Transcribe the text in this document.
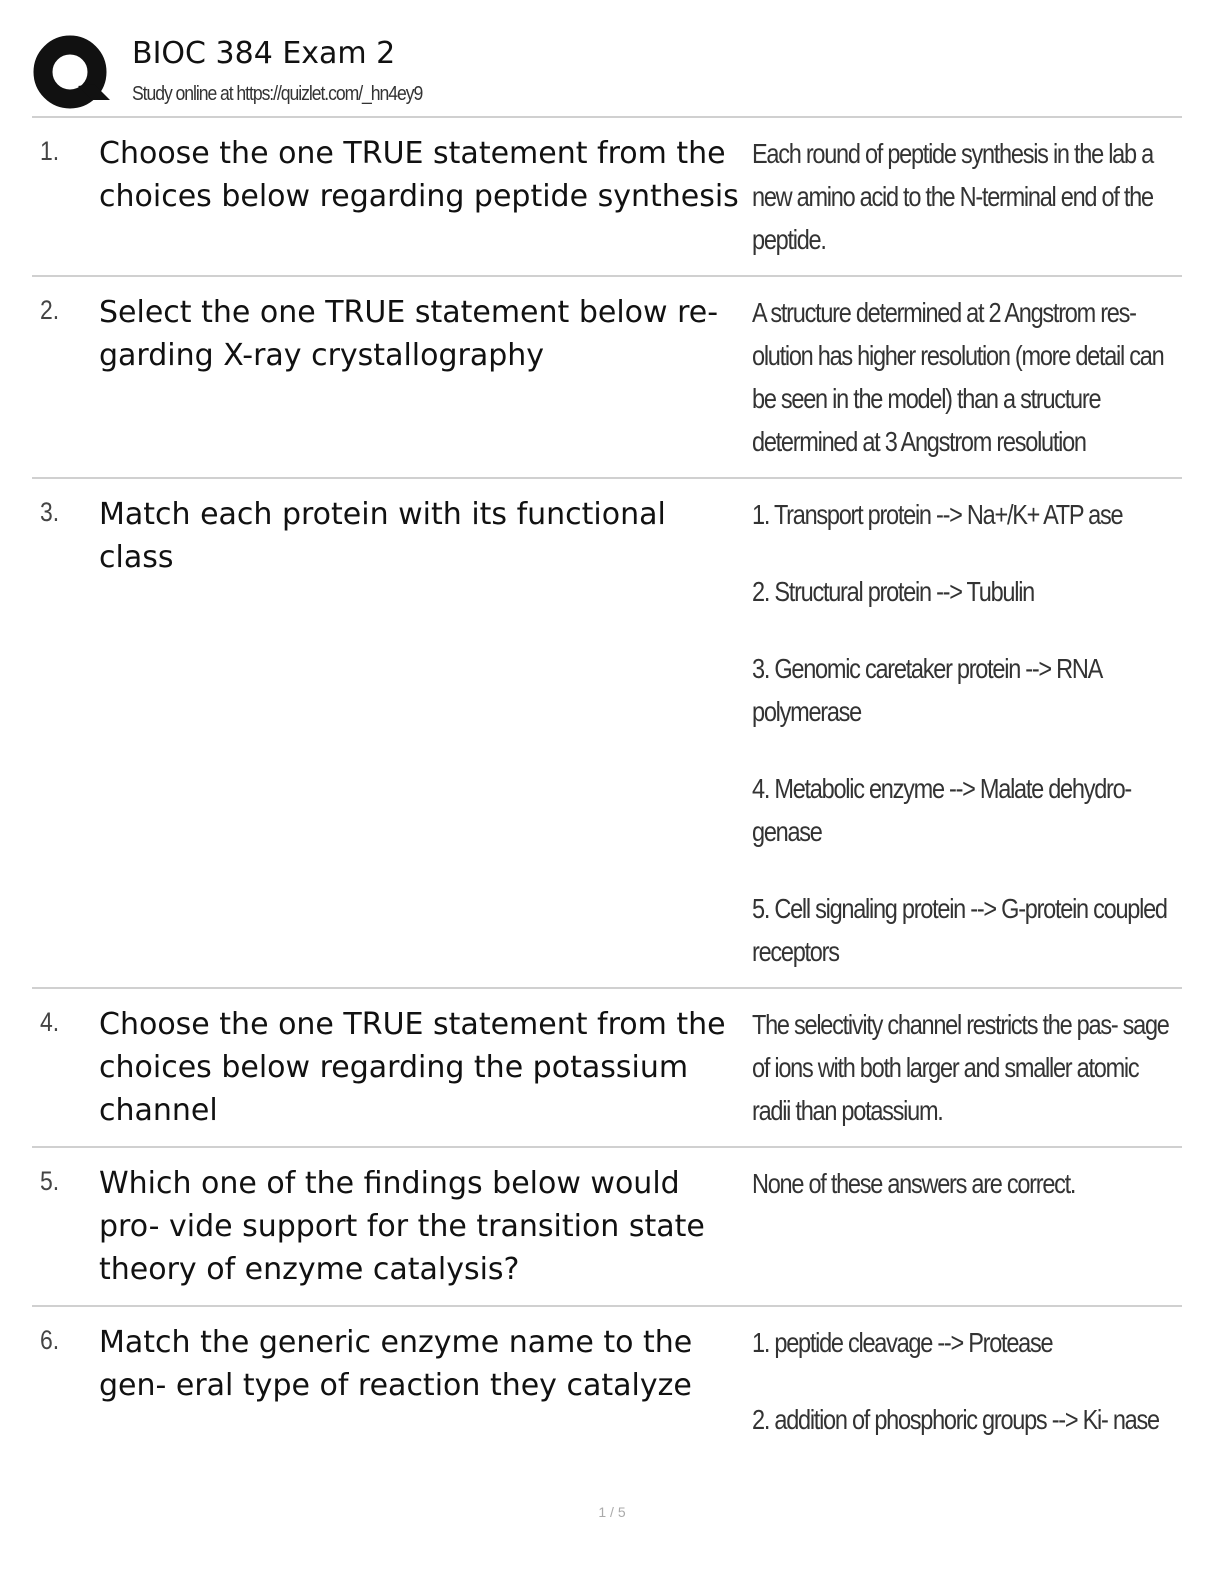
BIOC 384 Exam 2
Study online at https://quizlet.com/_hn4ey9
1. Choose the one TRUE statement from the choices below regarding peptide synthesis
Each round of peptide synthesis in the lab a new amino acid to the N-terminal end of the peptide.
2. Select the one TRUE statement below re- garding X-ray crystallography
A structure determined at 2 Angstrom res- olution has higher resolution (more detail can be seen in the model) than a structure determined at 3 Angstrom resolution
3. Match each protein with its functional class
1. Transport protein --> Na+/K+ ATP ase
2. Structural protein --> Tubulin
3. Genomic caretaker protein --> RNA polymerase
4. Metabolic enzyme --> Malate dehydro- genase
5. Cell signaling protein --> G-protein coupled receptors
4. Choose the one TRUE statement from the choices below regarding the potassium channel
The selectivity channel restricts the pas- sage of ions with both larger and smaller atomic radii than potassium.
5. Which one of the findings below would pro- vide support for the transition state theory of enzyme catalysis?
None of these answers are correct.
6. Match the generic enzyme name to the gen- eral type of reaction they catalyze
1. peptide cleavage --> Protease
2. addition of phosphoric groups --> Ki- nase
1 / 5
